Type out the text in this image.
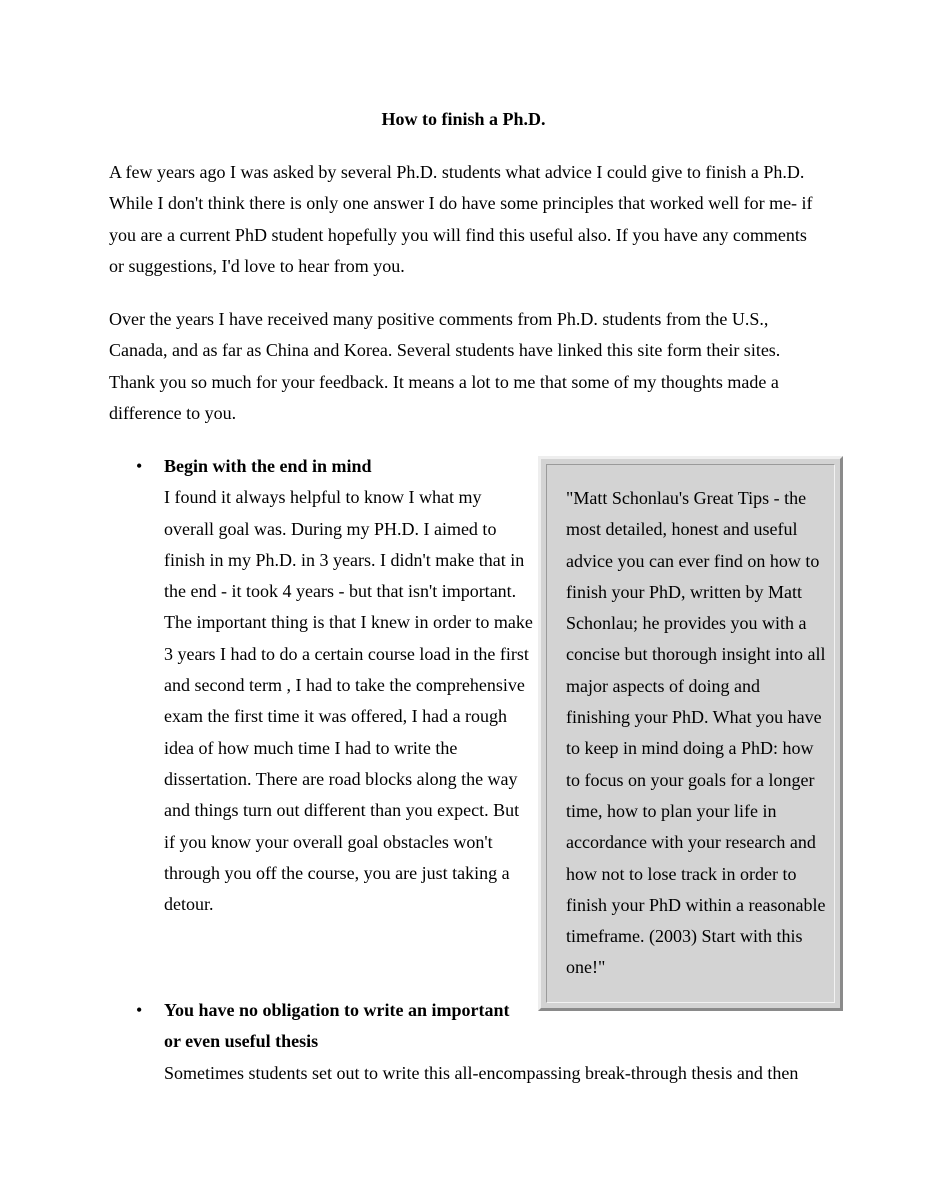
How to finish a Ph.D.

A few years ago I was asked by several Ph.D. students what advice I could give to finish a Ph.D. While I don't think there is only one answer I do have some principles that worked well for me- if you are a current PhD student hopefully you will find this useful also. If you have any comments or suggestions, I'd love to hear from you.

Over the years I have received many positive comments from Ph.D. students from the U.S., Canada, and as far as China and Korea. Several students have linked this site form their sites. Thank you so much for your feedback. It means a lot to me that some of my thoughts made a difference to you.

• Begin with the end in mind
I found it always helpful to know I what my overall goal was. During my PH.D. I aimed to finish in my Ph.D. in 3 years. I didn't make that in the end - it took 4 years - but that isn't important. The important thing is that I knew in order to make 3 years I had to do a certain course load in the first and second term , I had to take the comprehensive exam the first time it was offered, I had a rough idea of how much time I had to write the dissertation. There are road blocks along the way and things turn out different than you expect. But if you know your overall goal obstacles won't through you off the course, you are just taking a detour.

"Matt Schonlau's Great Tips - the most detailed, honest and useful advice you can ever find on how to finish your PhD, written by Matt Schonlau; he provides you with a concise but thorough insight into all major aspects of doing and finishing your PhD. What you have to keep in mind doing a PhD: how to focus on your goals for a longer time, how to plan your life in accordance with your research and how not to lose track in order to finish your PhD within a reasonable timeframe. (2003) Start with this one!"

• You have no obligation to write an important or even useful thesis
Sometimes students set out to write this all-encompassing break-through thesis and then
